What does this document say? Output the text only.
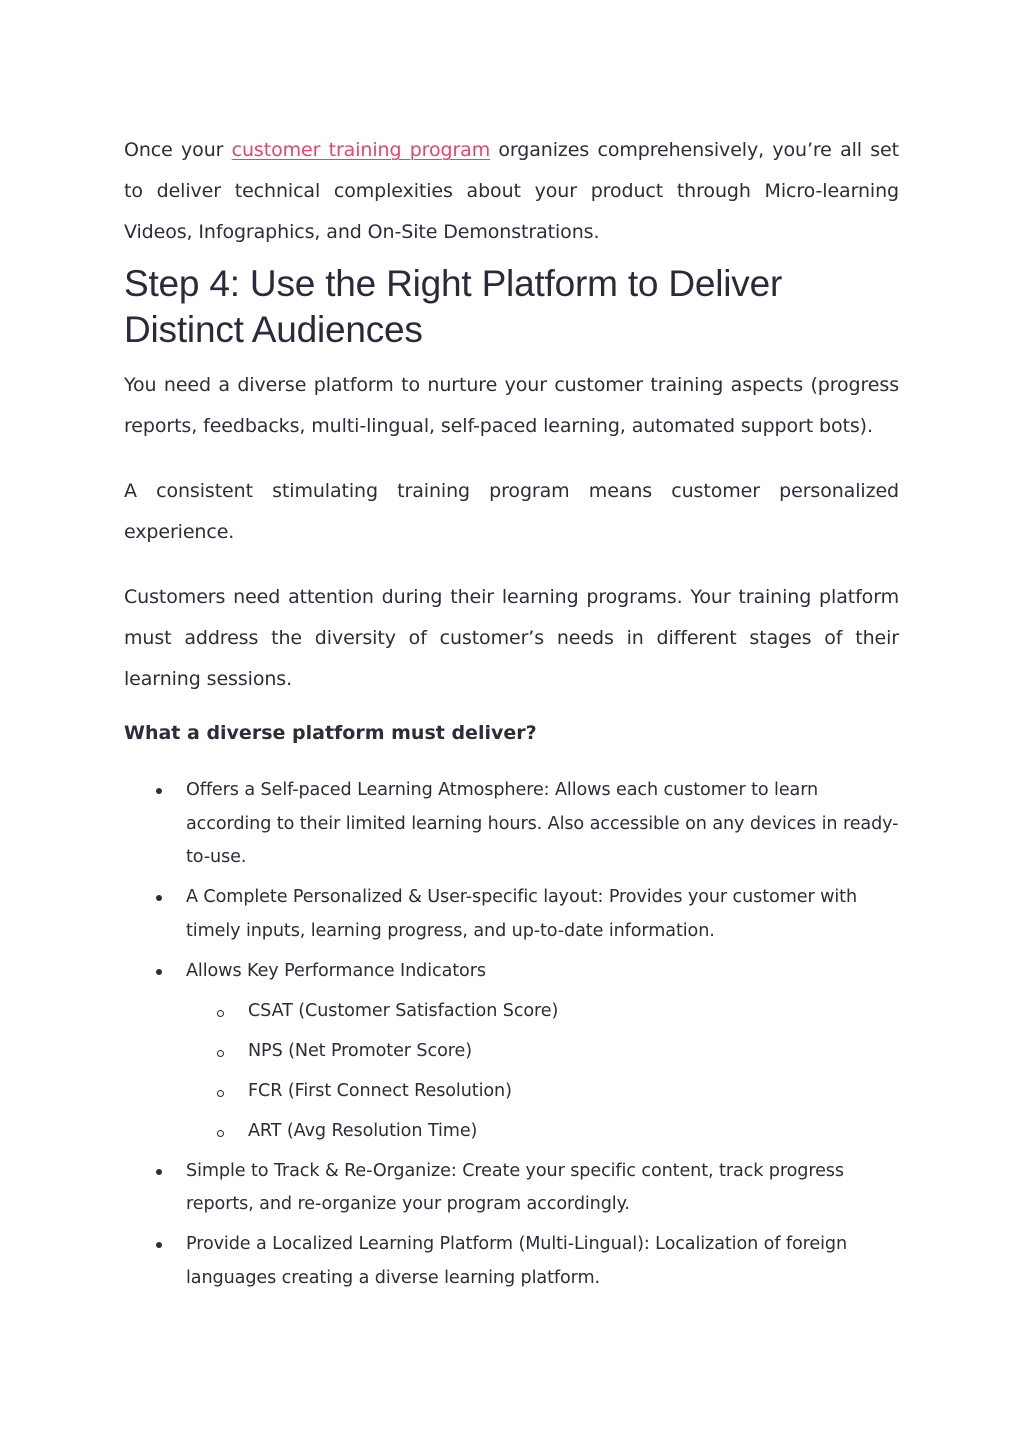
Once your customer training program organizes comprehensively, you’re all set to deliver technical complexities about your product through Micro-learning Videos, Infographics, and On-Site Demonstrations.

Step 4: Use the Right Platform to Deliver Distinct Audiences

You need a diverse platform to nurture your customer training aspects (progress reports, feedbacks, multi-lingual, self-paced learning, automated support bots).

A consistent stimulating training program means customer personalized experience.

Customers need attention during their learning programs. Your training platform must address the diversity of customer’s needs in different stages of their learning sessions.

What a diverse platform must deliver?
Offers a Self-paced Learning Atmosphere: Allows each customer to learn according to their limited learning hours. Also accessible on any devices in ready-to-use.
A Complete Personalized & User-specific layout: Provides your customer with timely inputs, learning progress, and up-to-date information.
Allows Key Performance Indicators
CSAT (Customer Satisfaction Score)
NPS (Net Promoter Score)
FCR (First Connect Resolution)
ART (Avg Resolution Time)
Simple to Track & Re-Organize: Create your specific content, track progress reports, and re-organize your program accordingly.
Provide a Localized Learning Platform (Multi-Lingual): Localization of foreign languages creating a diverse learning platform.
